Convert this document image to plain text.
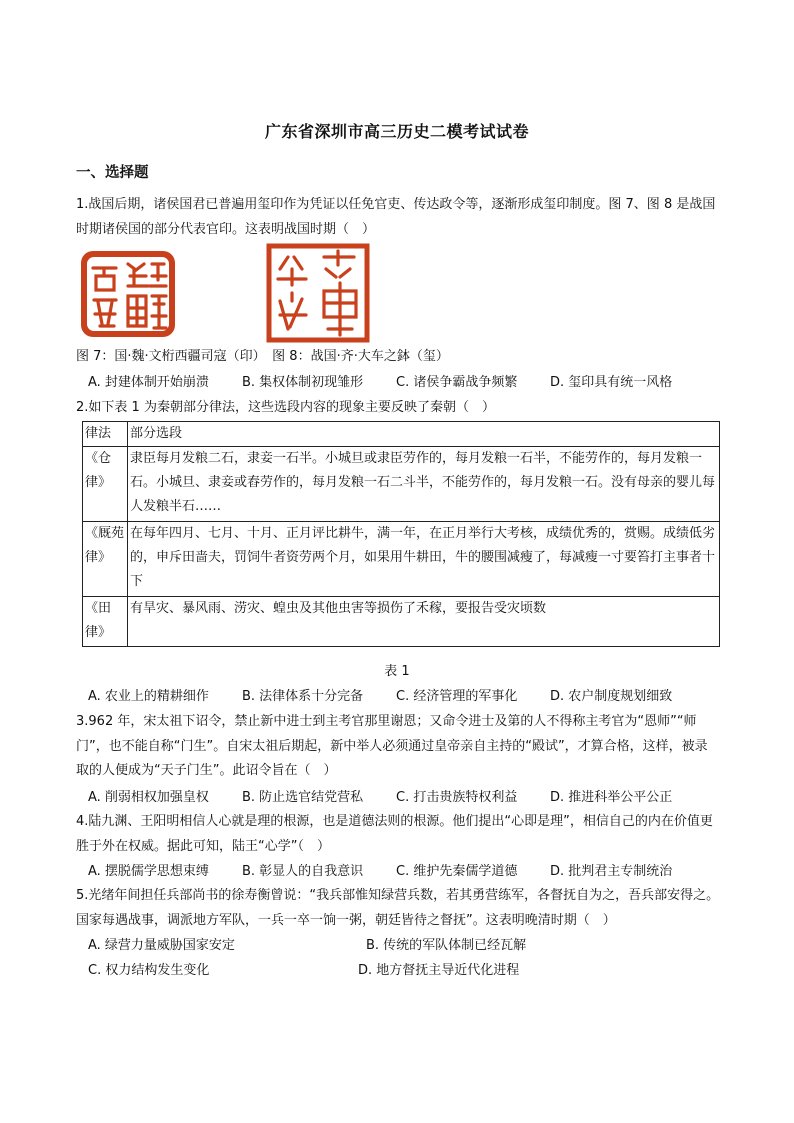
广东省深圳市高三历史二模考试试卷
一、选择题
1.战国后期，诸侯国君已普遍用玺印作为凭证以任免官吏、传达政令等，逐渐形成玺印制度。图 7、图 8 是战国时期诸侯国的部分代表官印。这表明战国时期（　）
图 7：国·魏·文桁西疆司寇（印）　图 8：战国·齐·大车之鉢（玺）
A. 封建体制开始崩溃	B. 集权体制初现雏形	C. 诸侯争霸战争频繁	D. 玺印具有统一风格
2.如下表 1 为秦朝部分律法，这些选段内容的现象主要反映了秦朝（　）
律法	部分选段
《仓律》	隶臣每月发粮二石，隶妾一石半。小城旦或隶臣劳作的，每月发粮一石半，不能劳作的，每月发粮一石。小城旦、隶妾或舂劳作的，每月发粮一石二斗半，不能劳作的，每月发粮一石。没有母亲的婴儿每人发粮半石……
《厩苑律》	在每年四月、七月、十月、正月评比耕牛，满一年，在正月举行大考核，成绩优秀的，赏赐。成绩低劣的，申斥田啬夫，罚饲牛者资劳两个月，如果用牛耕田，牛的腰围减瘦了，每减瘦一寸要笞打主事者十下
《田律》	有旱灾、暴风雨、涝灾、蝗虫及其他虫害等损伤了禾稼，要报告受灾顷数
表 1
A. 农业上的精耕细作	B. 法律体系十分完备	C. 经济管理的军事化	D. 农户制度规划细致
3.962 年，宋太祖下诏令，禁止新中进士到主考官那里谢恩；又命令进士及第的人不得称主考官为“恩师”“师门”，也不能自称“门生”。自宋太祖后期起，新中举人必须通过皇帝亲自主持的“殿试”，才算合格，这样，被录取的人便成为“天子门生”。此诏令旨在（　）
A. 削弱相权加强皇权	B. 防止选官结党营私	C. 打击贵族特权利益	D. 推进科举公平公正
4.陆九渊、王阳明相信人心就是理的根源，也是道德法则的根源。他们提出“心即是理”，相信自己的内在价值更胜于外在权威。据此可知，陆王“心学”（　）
A. 摆脱儒学思想束缚	B. 彰显人的自我意识	C. 维护先秦儒学道德	D. 批判君主专制统治
5.光绪年间担任兵部尚书的徐寿衡曾说：“我兵部惟知绿营兵数，若其勇营练军，各督抚自为之，吾兵部安得之。国家每遇战事，调派地方军队，一兵一卒一饷一粥，朝廷皆待之督抚”。这表明晚清时期（　）
A. 绿营力量威胁国家安定	B. 传统的军队体制已经瓦解
C. 权力结构发生变化	D. 地方督抚主导近代化进程
